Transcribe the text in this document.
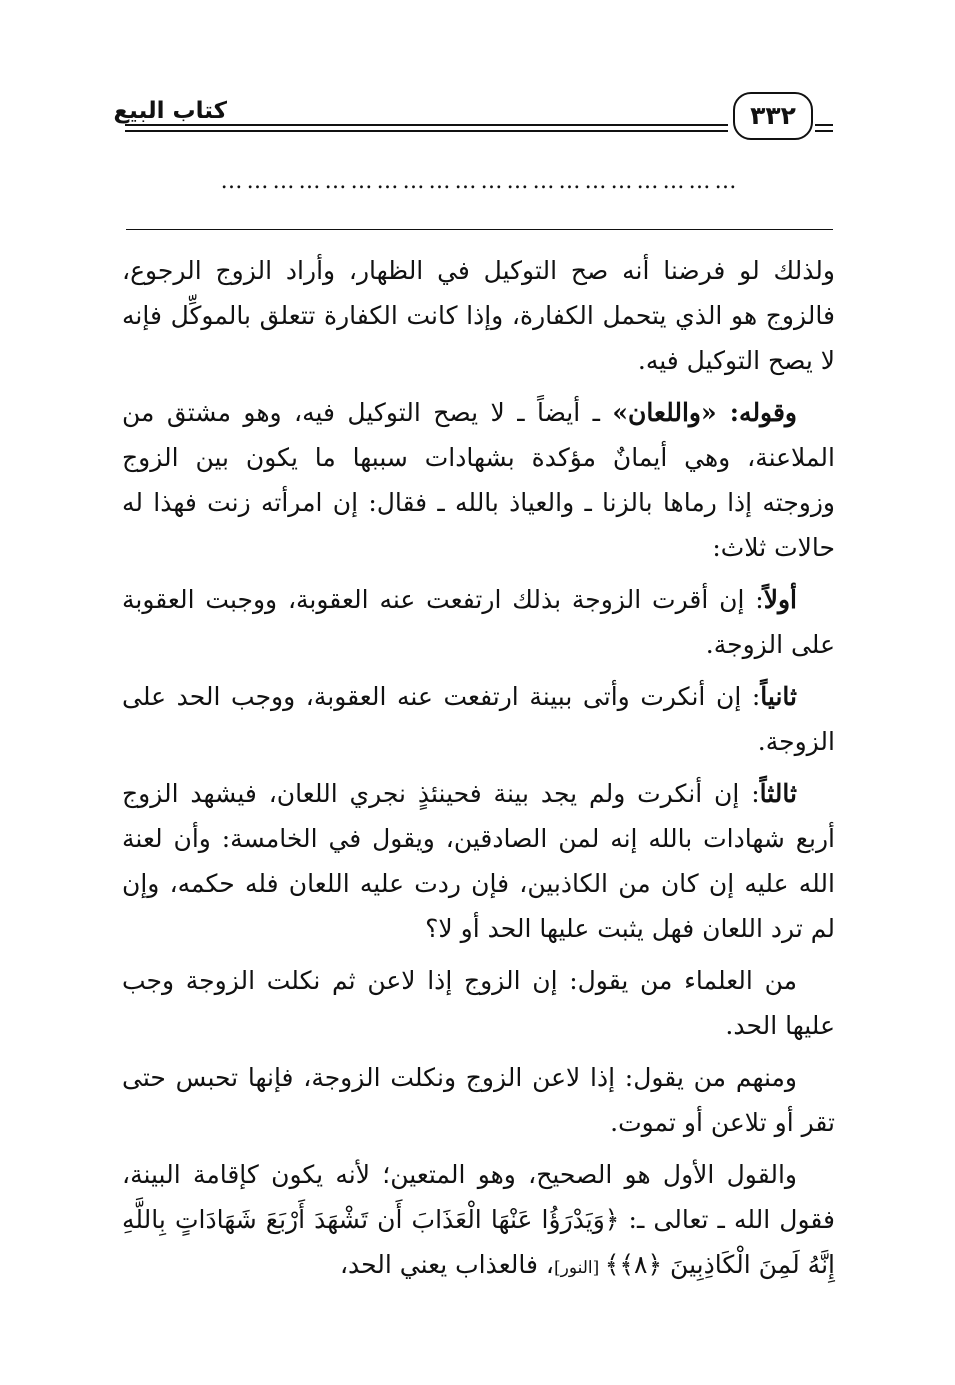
كتاب البيع	٣٣٢
……………………………………………………

ولذلك لو فرضنا أنه صح التوكيل في الظهار، وأراد الزوج الرجوع، فالزوج هو الذي يتحمل الكفارة، وإذا كانت الكفارة تتعلق بالموكِّل فإنه لا يصح التوكيل فيه.

وقوله: «واللعان» ـ أيضاً ـ لا يصح التوكيل فيه، وهو مشتق من الملاعنة، وهي أيمانٌ مؤكدة بشهادات سببها ما يكون بين الزوج وزوجته إذا رماها بالزنا ـ والعياذ بالله ـ فقال: إن امرأته زنت فهذا له حالات ثلاث:

أولاً: إن أقرت الزوجة بذلك ارتفعت عنه العقوبة، ووجبت العقوبة على الزوجة.

ثانياً: إن أنكرت وأتى ببينة ارتفعت عنه العقوبة، ووجب الحد على الزوجة.

ثالثاً: إن أنكرت ولم يجد بينة فحينئذٍ نجري اللعان، فيشهد الزوج أربع شهادات بالله إنه لمن الصادقين، ويقول في الخامسة: وأن لعنة الله عليه إن كان من الكاذبين، فإن ردت عليه اللعان فله حكمه، وإن لم ترد اللعان فهل يثبت عليها الحد أو لا؟

من العلماء من يقول: إن الزوج إذا لاعن ثم نكلت الزوجة وجب عليها الحد.

ومنهم من يقول: إذا لاعن الزوج ونكلت الزوجة، فإنها تحبس حتى تقر أو تلاعن أو تموت.

والقول الأول هو الصحيح، وهو المتعين؛ لأنه يكون كإقامة البينة، فقول الله ـ تعالى ـ: ﴿وَيَدْرَؤُا عَنْهَا الْعَذَابَ أَن تَشْهَدَ أَرْبَعَ شَهَادَاتٍ بِاللَّهِ إِنَّهُ لَمِنَ الْكَاذِبِينَ ﴿٨﴾﴾ [النور]، فالعذاب يعني الحد،
